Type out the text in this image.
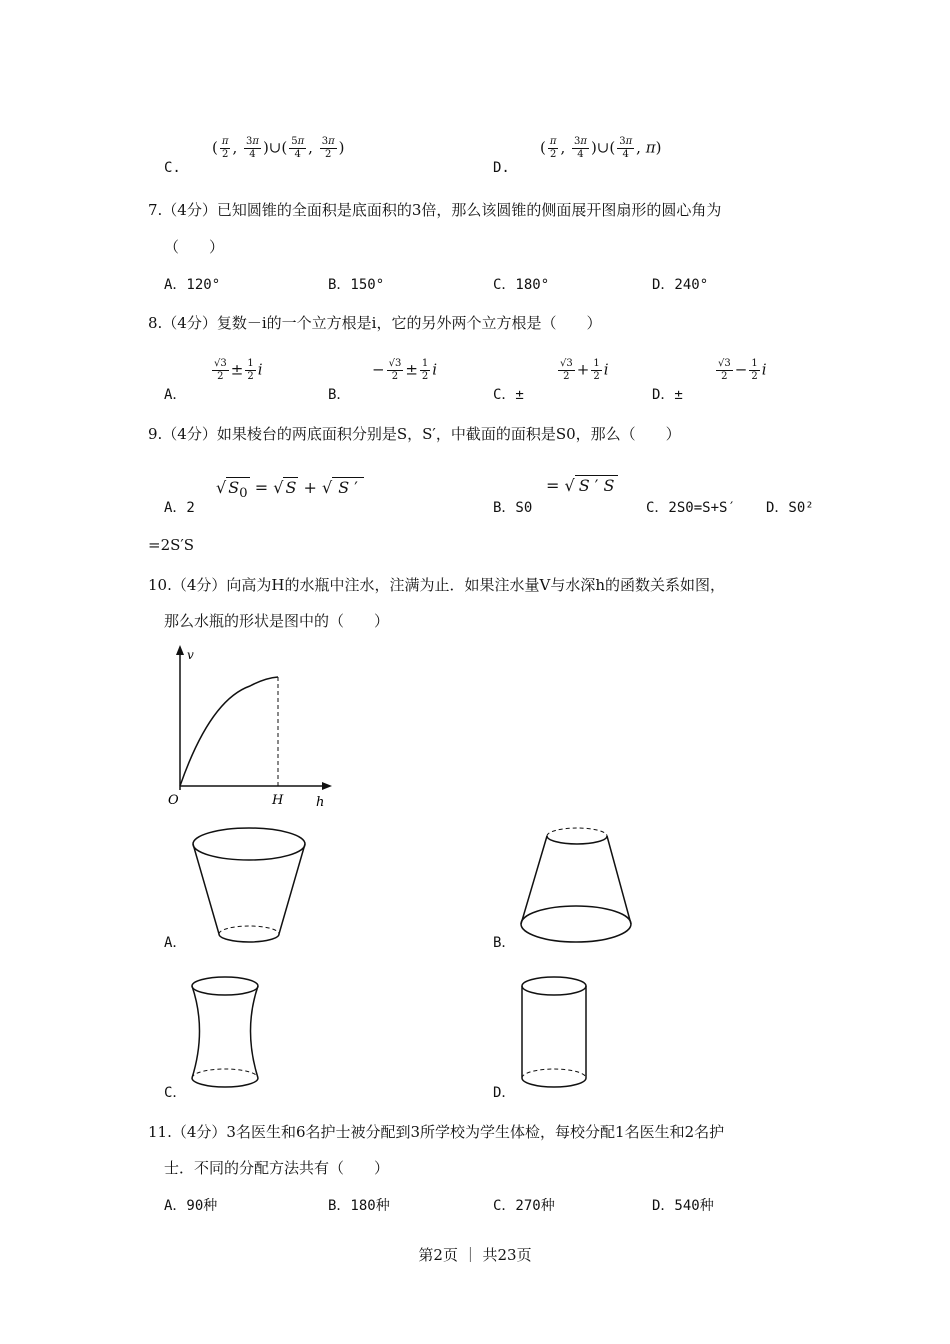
( $\frac{\pi}{2}$ , $\frac{3\pi}{4}$ )∪( $\frac{5\pi}{4}$ , $\frac{3\pi}{2}$ )
C.
( $\frac{\pi}{2}$ , $\frac{3\pi}{4}$ )∪( $\frac{3\pi}{4}$ , π)
D.
7.（4分）已知圆锥的全面积是底面积的3倍，那么该圆锥的侧面展开图扇形的圆心角为
（　　）
A．120°	B．150°	C．180°	D．240°
8.（4分）复数－i的一个立方根是i，它的另外两个立方根是（　　）
A．
$\frac{√3}{2} \pm \frac{1}{2}$ i
B．
− $\frac{√3}{2} \pm \frac{1}{2}$ i
C．±
$\frac{√3}{2} + \frac{1}{2}$ i
D．±
$\frac{√3}{2} - \frac{1}{2}$ i
9.（4分）如果棱台的两底面积分别是S，S′，中截面的面积是S0，那么（　　）
A．2
√ $S_0$ = √ S + √ S ′
B．S0
= √ S ′ S
C．2S0=S+S′ D．S0²
=2S′S
10.（4分）向高为H的水瓶中注水，注满为止．如果注水量V与水深h的函数关系如图，
那么水瓶的形状是图中的（　　）
v
O	H	h
A．	B．
C．	D．
11.（4分）3名医生和6名护士被分配到3所学校为学生体检，每校分配1名医生和2名护
士．不同的分配方法共有（　　）
A．90种	B．180种	C．270种	D．540种
第2页 ｜ 共23页
